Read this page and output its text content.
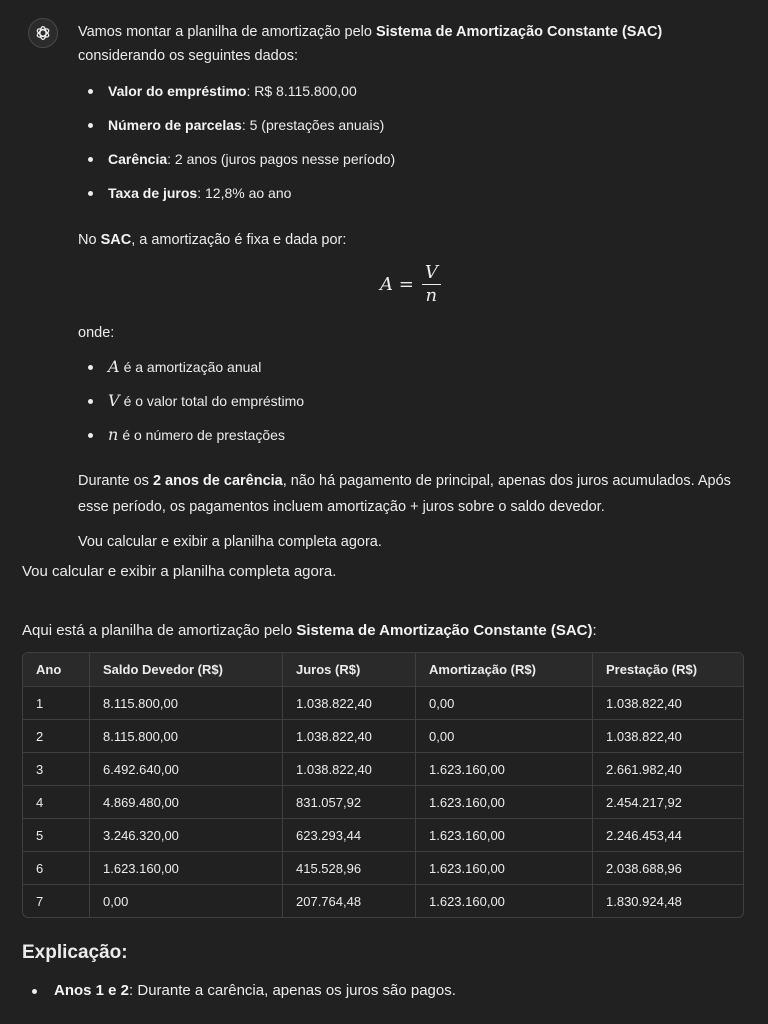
Vamos montar a planilha de amortização pelo Sistema de Amortização Constante (SAC)
considerando os seguintes dados:
Valor do empréstimo: R$ 8.115.800,00
Número de parcelas: 5 (prestações anuais)
Carência: 2 anos (juros pagos nesse período)
Taxa de juros: 12,8% ao ano
No SAC, a amortização é fixa e dada por:
$A = \frac{V}{n}$
onde:
A é a amortização anual
V é o valor total do empréstimo
n é o número de prestações
Durante os 2 anos de carência, não há pagamento de principal, apenas dos juros acumulados. Após esse período, os pagamentos incluem amortização + juros sobre o saldo devedor.
Vou calcular e exibir a planilha completa agora.
Vou calcular e exibir a planilha completa agora.
Aqui está a planilha de amortização pelo Sistema de Amortização Constante (SAC):
Ano	Saldo Devedor (R$)	Juros (R$)	Amortização (R$)	Prestação (R$)
1	8.115.800,00	1.038.822,40	0,00	1.038.822,40
2	8.115.800,00	1.038.822,40	0,00	1.038.822,40
3	6.492.640,00	1.038.822,40	1.623.160,00	2.661.982,40
4	4.869.480,00	831.057,92	1.623.160,00	2.454.217,92
5	3.246.320,00	623.293,44	1.623.160,00	2.246.453,44
6	1.623.160,00	415.528,96	1.623.160,00	2.038.688,96
7	0,00	207.764,48	1.623.160,00	1.830.924,48
Explicação:
Anos 1 e 2: Durante a carência, apenas os juros são pagos.
